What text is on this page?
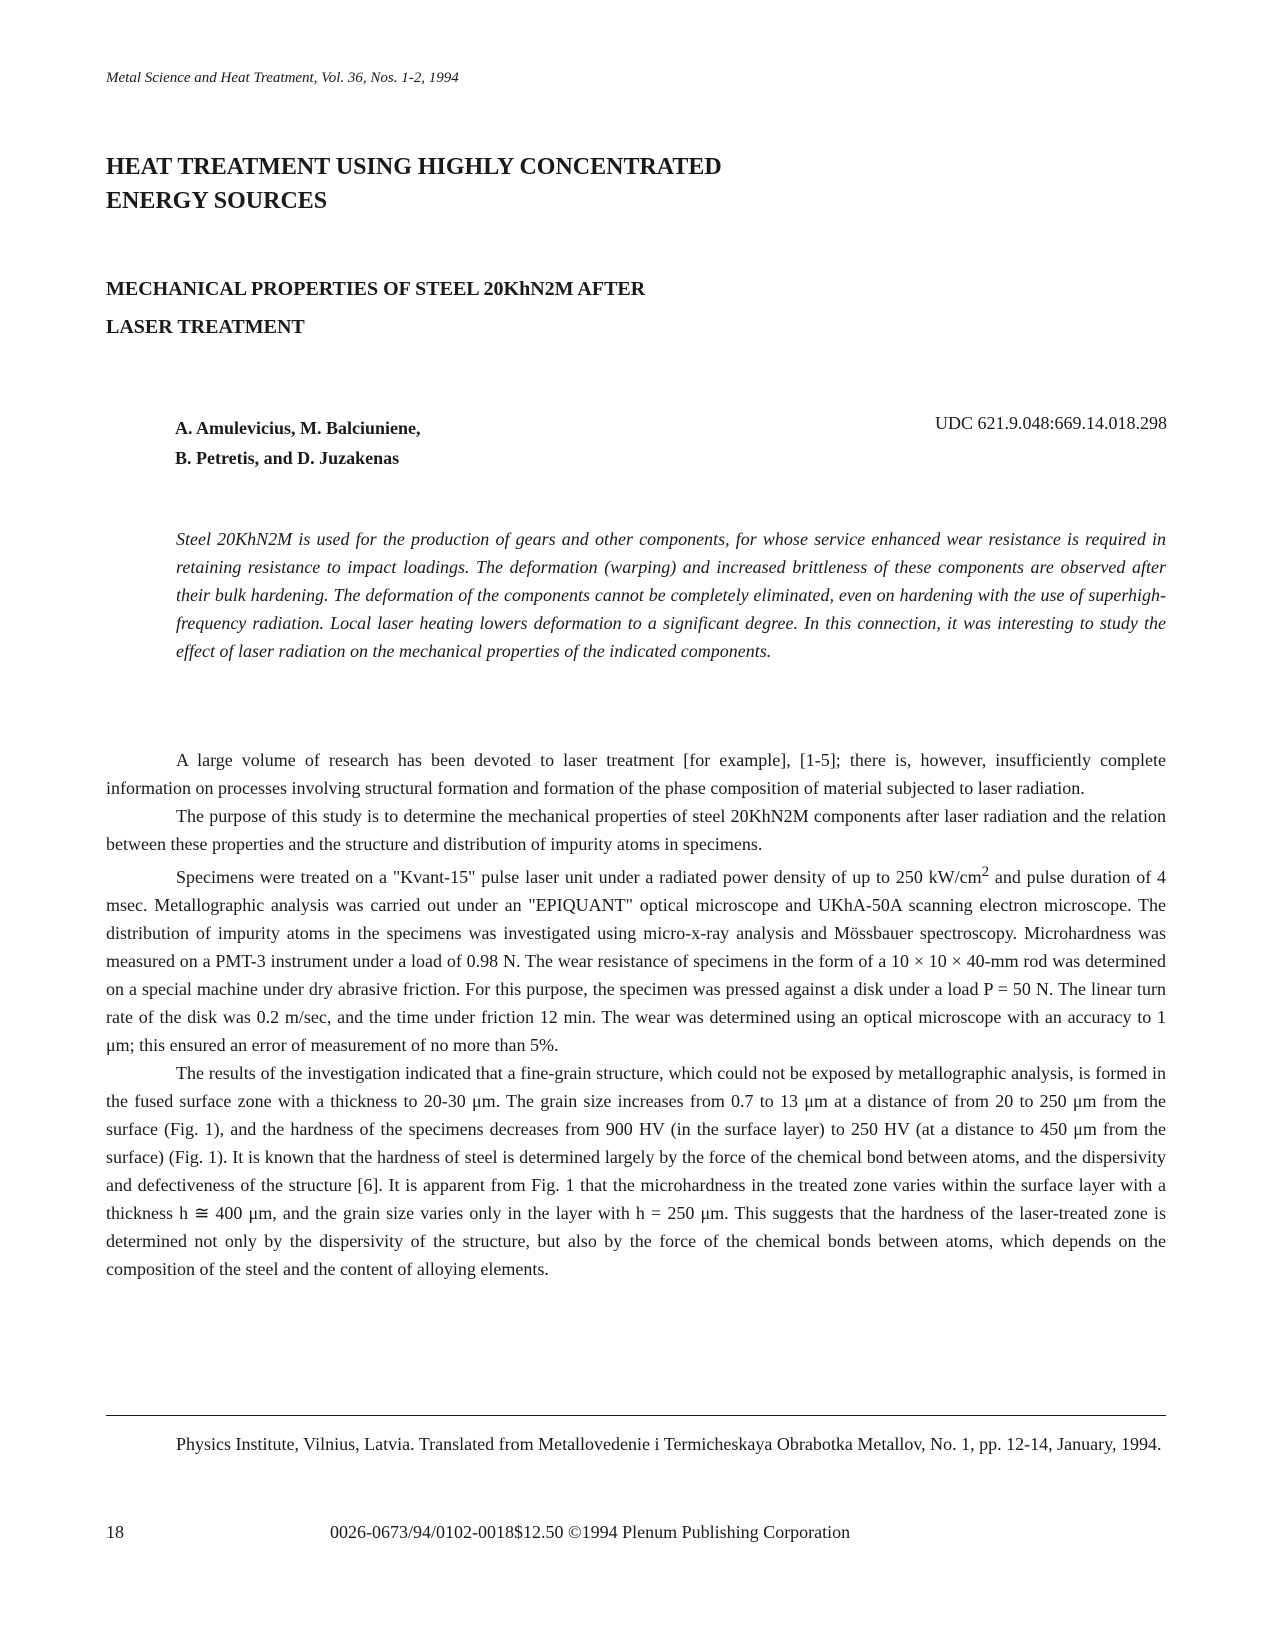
Metal Science and Heat Treatment, Vol. 36, Nos. 1-2, 1994
HEAT TREATMENT USING HIGHLY CONCENTRATED
ENERGY SOURCES
MECHANICAL PROPERTIES OF STEEL 20KhN2M AFTER
LASER TREATMENT
A. Amulevicius, M. Balciuniene,
B. Petretis, and D. Juzakenas
UDC 621.9.048:669.14.018.298
Steel 20KhN2M is used for the production of gears and other components, for whose service enhanced wear resistance is required in retaining resistance to impact loadings. The deformation (warping) and increased brittleness of these components are observed after their bulk hardening. The deformation of the components cannot be completely eliminated, even on hardening with the use of superhigh-frequency radiation. Local laser heating lowers deformation to a significant degree. In this connection, it was interesting to study the effect of laser radiation on the mechanical properties of the indicated components.

A large volume of research has been devoted to laser treatment [for example], [1-5]; there is, however, insufficiently complete information on processes involving structural formation and formation of the phase composition of material subjected to laser radiation.

The purpose of this study is to determine the mechanical properties of steel 20KhN2M components after laser radiation and the relation between these properties and the structure and distribution of impurity atoms in specimens.

Specimens were treated on a "Kvant-15" pulse laser unit under a radiated power density of up to 250 $kW/cm^2$ and pulse duration of 4 msec. Metallographic analysis was carried out under an "EPIQUANT" optical microscope and UKhA-50A scanning electron microscope. The distribution of impurity atoms in the specimens was investigated using micro-x-ray analysis and Mössbauer spectroscopy. Microhardness was measured on a PMT-3 instrument under a load of 0.98 N. The wear resistance of specimens in the form of a 10 × 10 × 40-mm rod was determined on a special machine under dry abrasive friction. For this purpose, the specimen was pressed against a disk under a load P = 50 N. The linear turn rate of the disk was 0.2 m/sec, and the time under friction 12 min. The wear was determined using an optical microscope with an accuracy to 1 μm; this ensured an error of measurement of no more than 5%.

The results of the investigation indicated that a fine-grain structure, which could not be exposed by metallographic analysis, is formed in the fused surface zone with a thickness to 20-30 μm. The grain size increases from 0.7 to 13 μm at a distance of from 20 to 250 μm from the surface (Fig. 1), and the hardness of the specimens decreases from 900 HV (in the surface layer) to 250 HV (at a distance to 450 μm from the surface) (Fig. 1). It is known that the hardness of steel is determined largely by the force of the chemical bond between atoms, and the dispersivity and defectiveness of the structure [6]. It is apparent from Fig. 1 that the microhardness in the treated zone varies within the surface layer with a thickness h ≅ 400 μm, and the grain size varies only in the layer with h = 250 μm. This suggests that the hardness of the laser-treated zone is determined not only by the dispersivity of the structure, but also by the force of the chemical bonds between atoms, which depends on the composition of the steel and the content of alloying elements.

Physics Institute, Vilnius, Latvia. Translated from Metallovedenie i Termicheskaya Obrabotka Metallov, No. 1, pp. 12-14, January, 1994.
18	0026-0673/94/0102-0018$12.50 ©1994 Plenum Publishing Corporation
